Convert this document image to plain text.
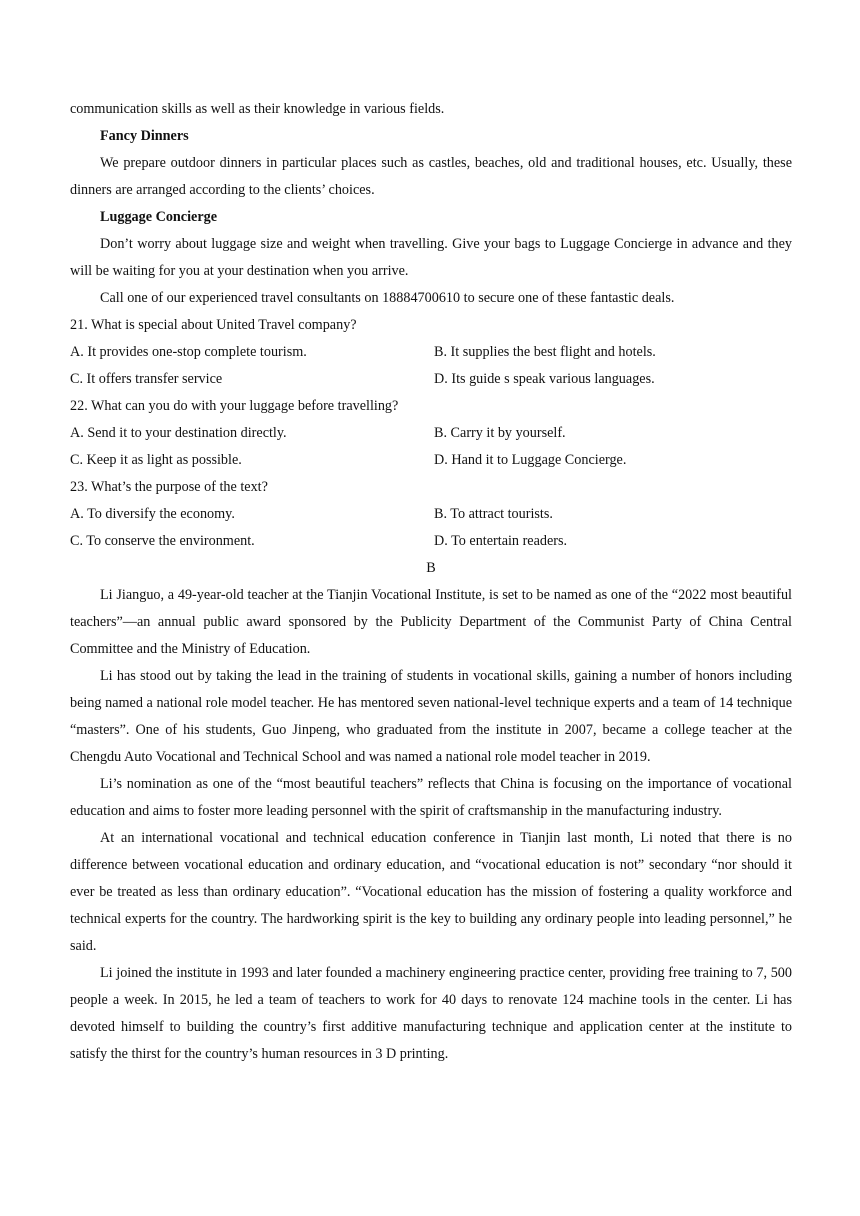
communication skills as well as their knowledge in various fields.

Fancy Dinners

We prepare outdoor dinners in particular places such as castles, beaches, old and traditional houses, etc. Usually, these dinners are arranged according to the clients’ choices.

Luggage Concierge

Don’t worry about luggage size and weight when travelling. Give your bags to Luggage Concierge in advance and they will be waiting for you at your destination when you arrive.

Call one of our experienced travel consultants on 18884700610 to secure one of these fantastic deals.

21. What is special about United Travel company?

A. It provides one-stop complete tourism.	B. It supplies the best flight and hotels.

C. It offers transfer service	D. Its guide s speak various languages.

22. What can you do with your luggage before travelling?

A. Send it to your destination directly.	B. Carry it by yourself.

C. Keep it as light as possible.	D. Hand it to Luggage Concierge.

23. What’s the purpose of the text?

A. To diversify the economy.	B. To attract tourists.

C. To conserve the environment.	D. To entertain readers.

B

Li Jianguo, a 49-year-old teacher at the Tianjin Vocational Institute, is set to be named as one of the “2022 most beautiful teachers”—an annual public award sponsored by the Publicity Department of the Communist Party of China Central Committee and the Ministry of Education.

Li has stood out by taking the lead in the training of students in vocational skills, gaining a number of honors including being named a national role model teacher. He has mentored seven national-level technique experts and a team of 14 technique “masters”. One of his students, Guo Jinpeng, who graduated from the institute in 2007, became a college teacher at the Chengdu Auto Vocational and Technical School and was named a national role model teacher in 2019.

Li’s nomination as one of the “most beautiful teachers” reflects that China is focusing on the importance of vocational education and aims to foster more leading personnel with the spirit of craftsmanship in the manufacturing industry.

At an international vocational and technical education conference in Tianjin last month, Li noted that there is no difference between vocational education and ordinary education, and “vocational education is not” secondary “nor should it ever be treated as less than ordinary education”. “Vocational education has the mission of fostering a quality workforce and technical experts for the country. The hardworking spirit is the key to building any ordinary people into leading personnel,” he said.

Li joined the institute in 1993 and later founded a machinery engineering practice center, providing free training to 7, 500 people a week. In 2015, he led a team of teachers to work for 40 days to renovate 124 machine tools in the center. Li has devoted himself to building the country’s first additive manufacturing technique and application center at the institute to satisfy the thirst for the country’s human resources in 3 D printing.
